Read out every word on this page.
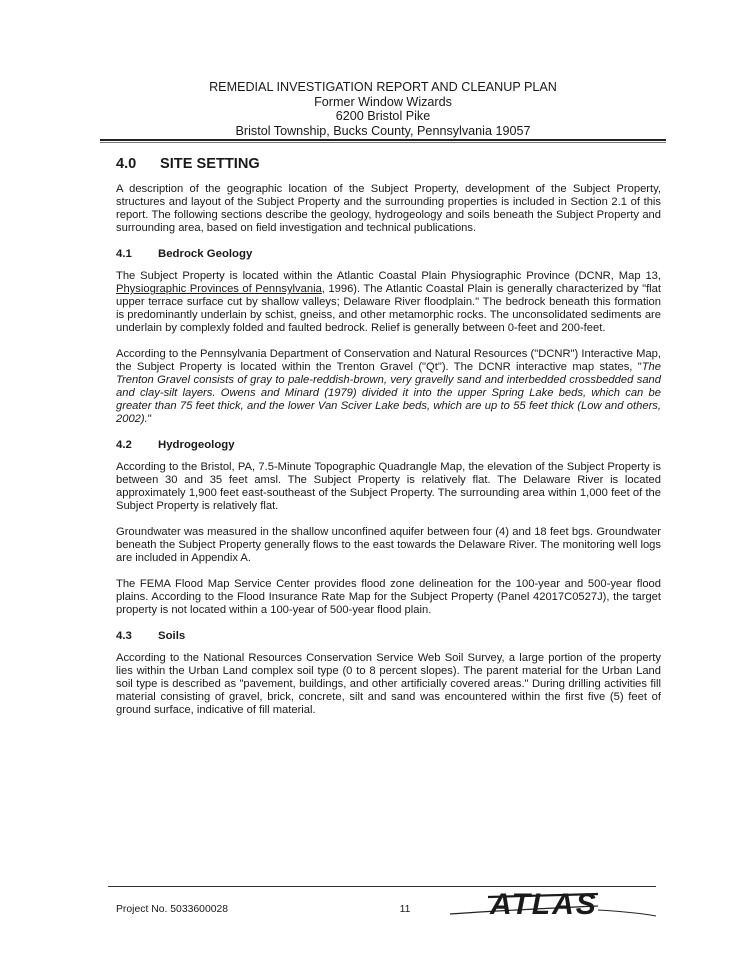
REMEDIAL INVESTIGATION REPORT AND CLEANUP PLAN
Former Window Wizards
6200 Bristol Pike
Bristol Township, Bucks County, Pennsylvania 19057
4.0	SITE SETTING

A description of the geographic location of the Subject Property, development of the Subject Property, structures and layout of the Subject Property and the surrounding properties is included in Section 2.1 of this report. The following sections describe the geology, hydrogeology and soils beneath the Subject Property and surrounding area, based on field investigation and technical publications.

4.1	Bedrock Geology

The Subject Property is located within the Atlantic Coastal Plain Physiographic Province (DCNR, Map 13, Physiographic Provinces of Pennsylvania, 1996). The Atlantic Coastal Plain is generally characterized by "flat upper terrace surface cut by shallow valleys; Delaware River floodplain." The bedrock beneath this formation is predominantly underlain by schist, gneiss, and other metamorphic rocks. The unconsolidated sediments are underlain by complexly folded and faulted bedrock. Relief is generally between 0-feet and 200-feet.

According to the Pennsylvania Department of Conservation and Natural Resources ("DCNR") Interactive Map, the Subject Property is located within the Trenton Gravel ("Qt"). The DCNR interactive map states, "The Trenton Gravel consists of gray to pale-reddish-brown, very gravelly sand and interbedded crossbedded sand and clay-silt layers. Owens and Minard (1979) divided it into the upper Spring Lake beds, which can be greater than 75 feet thick, and the lower Van Sciver Lake beds, which are up to 55 feet thick (Low and others, 2002)."

4.2	Hydrogeology

According to the Bristol, PA, 7.5-Minute Topographic Quadrangle Map, the elevation of the Subject Property is between 30 and 35 feet amsl. The Subject Property is relatively flat. The Delaware River is located approximately 1,900 feet east-southeast of the Subject Property. The surrounding area within 1,000 feet of the Subject Property is relatively flat.

Groundwater was measured in the shallow unconfined aquifer between four (4) and 18 feet bgs. Groundwater beneath the Subject Property generally flows to the east towards the Delaware River. The monitoring well logs are included in Appendix A.

The FEMA Flood Map Service Center provides flood zone delineation for the 100-year and 500-year flood plains. According to the Flood Insurance Rate Map for the Subject Property (Panel 42017C0527J), the target property is not located within a 100-year of 500-year flood plain.

4.3	Soils

According to the National Resources Conservation Service Web Soil Survey, a large portion of the property lies within the Urban Land complex soil type (0 to 8 percent slopes). The parent material for the Urban Land soil type is described as "pavement, buildings, and other artificially covered areas." During drilling activities fill material consisting of gravel, brick, concrete, silt and sand was encountered within the first five (5) feet of ground surface, indicative of fill material.

Project No. 5033600028	11	ATLAS
